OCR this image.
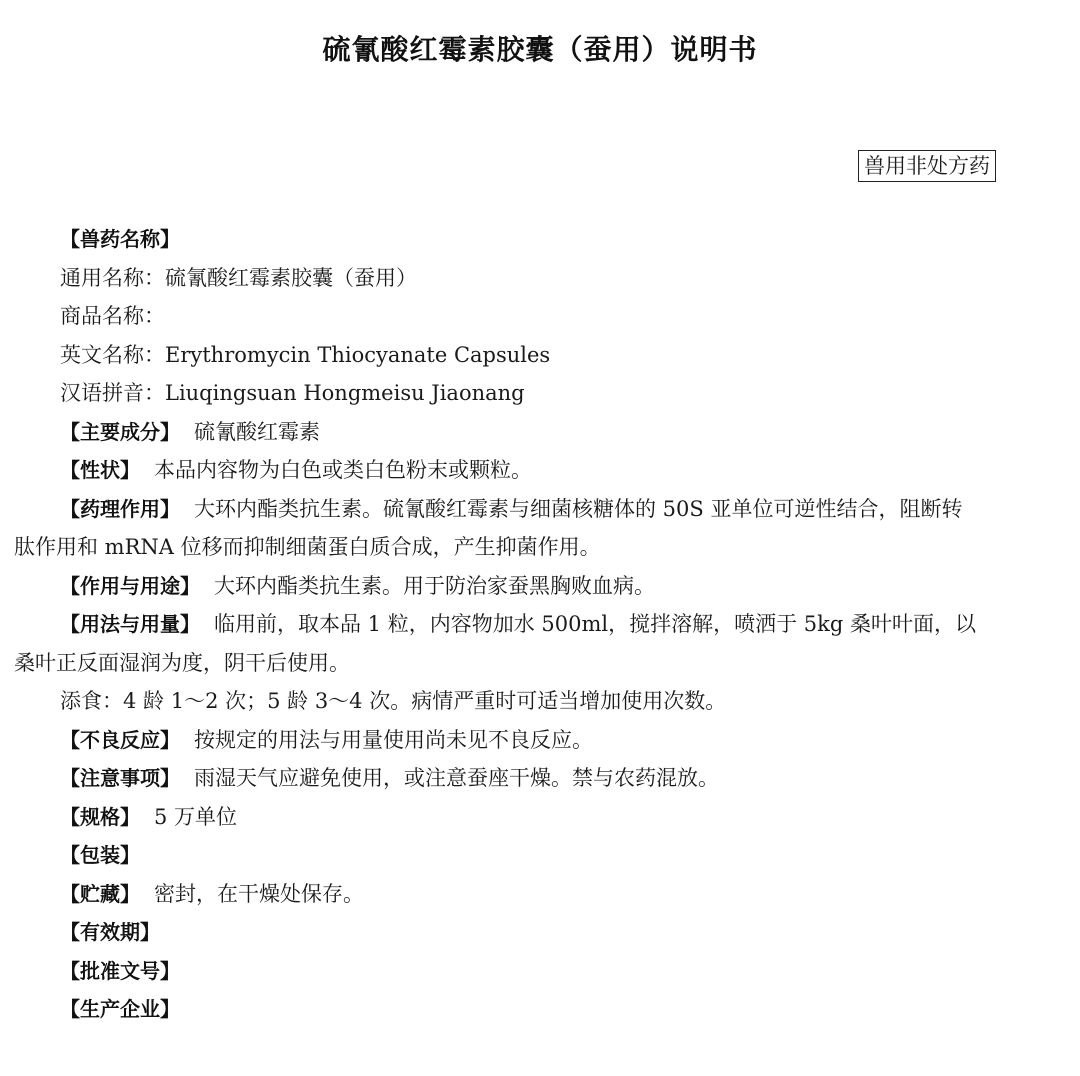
硫氰酸红霉素胶囊（蚕用）说明书
兽用非处方药
【兽药名称】
通用名称：硫氰酸红霉素胶囊（蚕用）
商品名称：
英文名称：Erythromycin Thiocyanate Capsules
汉语拼音：Liuqingsuan Hongmeisu Jiaonang
【主要成分】 硫氰酸红霉素
【性状】 本品内容物为白色或类白色粉末或颗粒。
【药理作用】 大环内酯类抗生素。硫氰酸红霉素与细菌核糖体的 50S 亚单位可逆性结合，阻断转
肽作用和 mRNA 位移而抑制细菌蛋白质合成，产生抑菌作用。
【作用与用途】 大环内酯类抗生素。用于防治家蚕黑胸败血病。
【用法与用量】 临用前，取本品 1 粒，内容物加水 500ml，搅拌溶解，喷洒于 5kg 桑叶叶面，以
桑叶正反面湿润为度，阴干后使用。
添食：4 龄 1～2 次；5 龄 3～4 次。病情严重时可适当增加使用次数。
【不良反应】 按规定的用法与用量使用尚未见不良反应。
【注意事项】 雨湿天气应避免使用，或注意蚕座干燥。禁与农药混放。
【规格】 5 万单位
【包装】
【贮藏】 密封，在干燥处保存。
【有效期】
【批准文号】
【生产企业】
